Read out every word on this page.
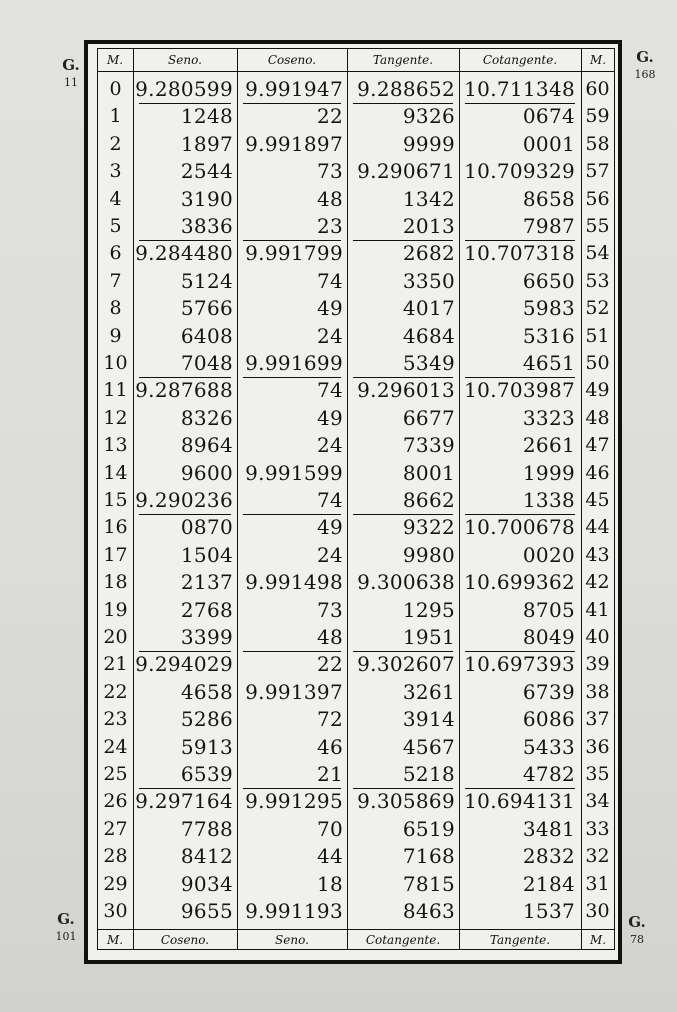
G.
11
G.
168
G.
101
G.
78
M.	Seno.	Coseno.	Tangente.	Cotangente.	M.
M.	Coseno.	Seno.	Cotangente.	Tangente.	M.
0 9.280599 9.991947 9.288652 10.711348 60
1	1248	22	9326	0674 59
2	1897 9.991897	9999	0001 58
3	2544	73 9.290671 10.709329 57
4	3190	48	1342	8658 56
5	3836	23	2013	7987 55
6 9.284480 9.991799	2682 10.707318 54
7	5124	74	3350	6650 53
8	5766	49	4017	5983 52
9	6408	24	4684	5316 51
10	7048 9.991699	5349	4651 50
11 9.287688	74 9.296013 10.703987 49
12	8326	49	6677	3323 48
13	8964	24	7339	2661 47
14	9600 9.991599	8001	1999 46
15 9.290236	74	8662	1338 45
16	0870	49	9322 10.700678 44
17	1504	24	9980	0020 43
18	2137 9.991498 9.300638 10.699362 42
19	2768	73	1295	8705 41
20	3399	48	1951	8049 40
21 9.294029	22 9.302607 10.697393 39
22	4658 9.991397	3261	6739 38
23	5286	72	3914	6086 37
24	5913	46	4567	5433 36
25	6539	21	5218	4782 35
26 9.297164 9.991295 9.305869 10.694131 34
27	7788	70	6519	3481 33
28	8412	44	7168	2832 32
29	9034	18	7815	2184 31
30	9655 9.991193	8463	1537 30
